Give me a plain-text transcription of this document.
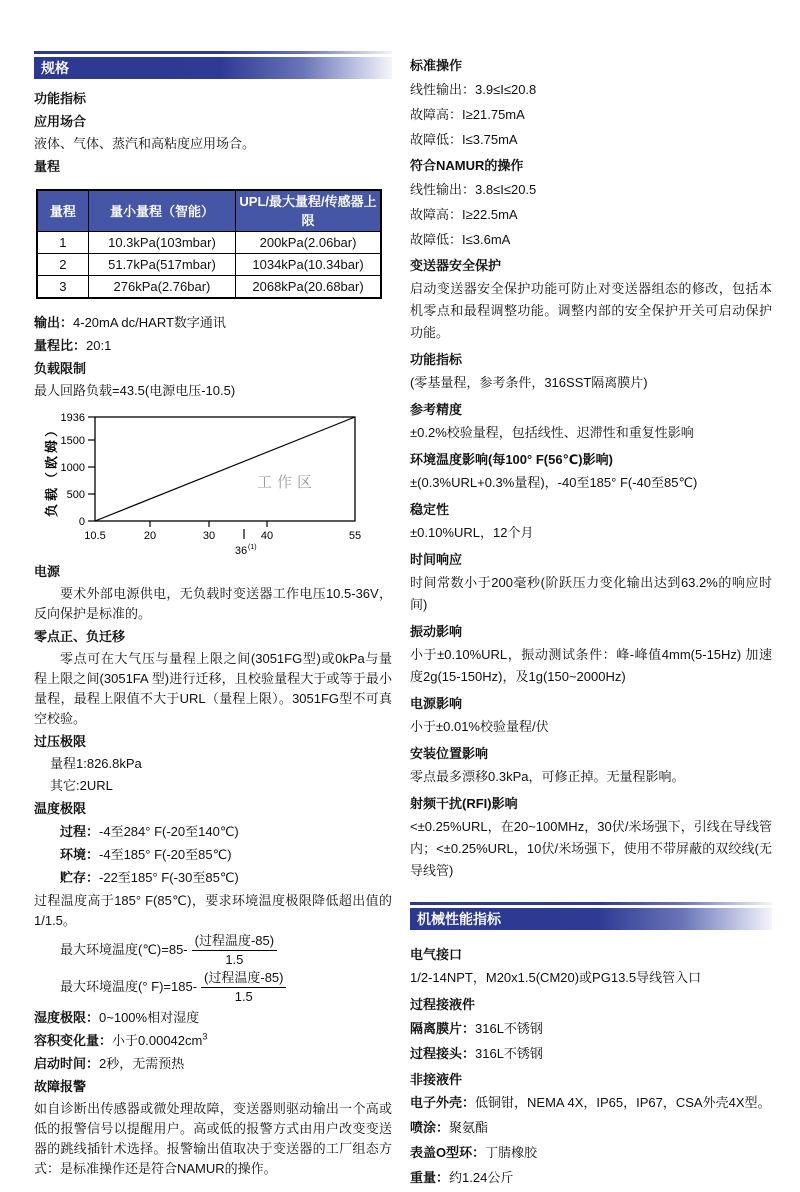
规格
功能指标
应用场合
液体、气体、蒸汽和高粘度应用场合。
量程
量程	量小量程（智能）	UPL/最大量程/传感器上限
1	10.3kPa(103mbar)	200kPa(2.06bar)
2	51.7kPa(517mbar)	1034kPa(10.34bar)
3	276kPa(2.76bar)	2068kPa(20.68bar)
输出：4-20mA dc/HART数字通讯
量程比：20:1
负载限制
最人回路负载=43.5(电源电压-10.5)
1936
1500
1000
500
0
10.5	20	30	40	55
36 (1)
工作区
负载（欧姆）
电源
要术外部电源供电，无负载时变送器工作电压10.5-36V，反向保护是标准的。
零点正、负迁移
零点可在大气压与量程上限之间(3051FG型)或0kPa与量程上限之间(3051FA 型)进行迁移，且校验量程大于或等于最小量程，最程上限值不大于URL（量程上限）。3051FG型不可真空校验。
过压极限
量程1:826.8kPa
其它:2URL
温度极限
过程：-4至284° F(-20至140℃)
环境：-4至185° F(-20至85℃)
贮存：-22至185° F(-30至85℃)
过程温度高于185° F(85℃)，要求环境温度极限降低超出值的1/1.5。
最大环境温度(℃)=85- $\frac{\text{(过程温度-85)}}{1.5}$
最大环境温度(° $F)=185- \frac{\text{(过程温度-85)}}{1.5}$
湿度极限：0~100%相对湿度
容积变化量：小于$0.00042cm^3$
启动时间：2秒，无需预热
故障报警
如自诊断出传感器或微处理故障，变送器则驱动输出一个高或低的报警信号以提醒用户。高或低的报警方式由用户改变变送器的跳线插针术选择。报警输出值取决于变送器的工厂组态方式：是标准操作还是符合NAMUR的操作。
标准操作
线性输出：3.9≤I≤20.8
故障高：I≥21.75mA
故障低：I≤3.75mA
符合NAMUR的操作
线性输出：3.8≤I≤20.5
故障高：I≥22.5mA
故障低：I≤3.6mA
变送器安全保护
启动变送器安全保护功能可防止对变送器组态的修改，包括本机零点和最程调整功能。调整内部的安全保护开关可启动保护功能。
功能指标
(零基量程，参考条件，316SST隔离膜片)
参考精度
±0.2%校验量程，包括线性、迟滞性和重复性影响
环境温度影响(每100° F(56℃)影响)
±(0.3%URL+0.3%量程)，-40至185° F(-40至85℃)
稳定性
±0.10%URL，12个月
时间响应
时间常数小于200毫秒(阶跃压力变化输出达到63.2%的响应时间)
振动影响
小于±0.10%URL，振动测试条件：峰-峰值4mm(5-15Hz) 加速度2g(15-150Hz)，及1g(150~2000Hz)
电源影响
小于±0.01%校验量程/伏
安装位置影响
零点最多漂移0.3kPa，可修正掉。无量程影响。
射频干扰(RFI)影响
<±0.25%URL，在20~100MHz，30伏/米场强下，引线在导线管内；<±0.25%URL，10伏/米场强下，使用不带屏蔽的双绞线(无导线管)
机械性能指标
电气接口
1/2-14NPT，M20x1.5(CM20)或PG13.5导线管入口
过程接液件
隔离膜片：316L不锈钢
过程接头：316L不锈钢
非接液件
电子外壳：低铜钳，NEMA 4X，IP65，IP67，CSA外壳4X型。
喷涂：聚氨酯
表盖O型环：丁腈橡胶
重量：约1.24公斤
